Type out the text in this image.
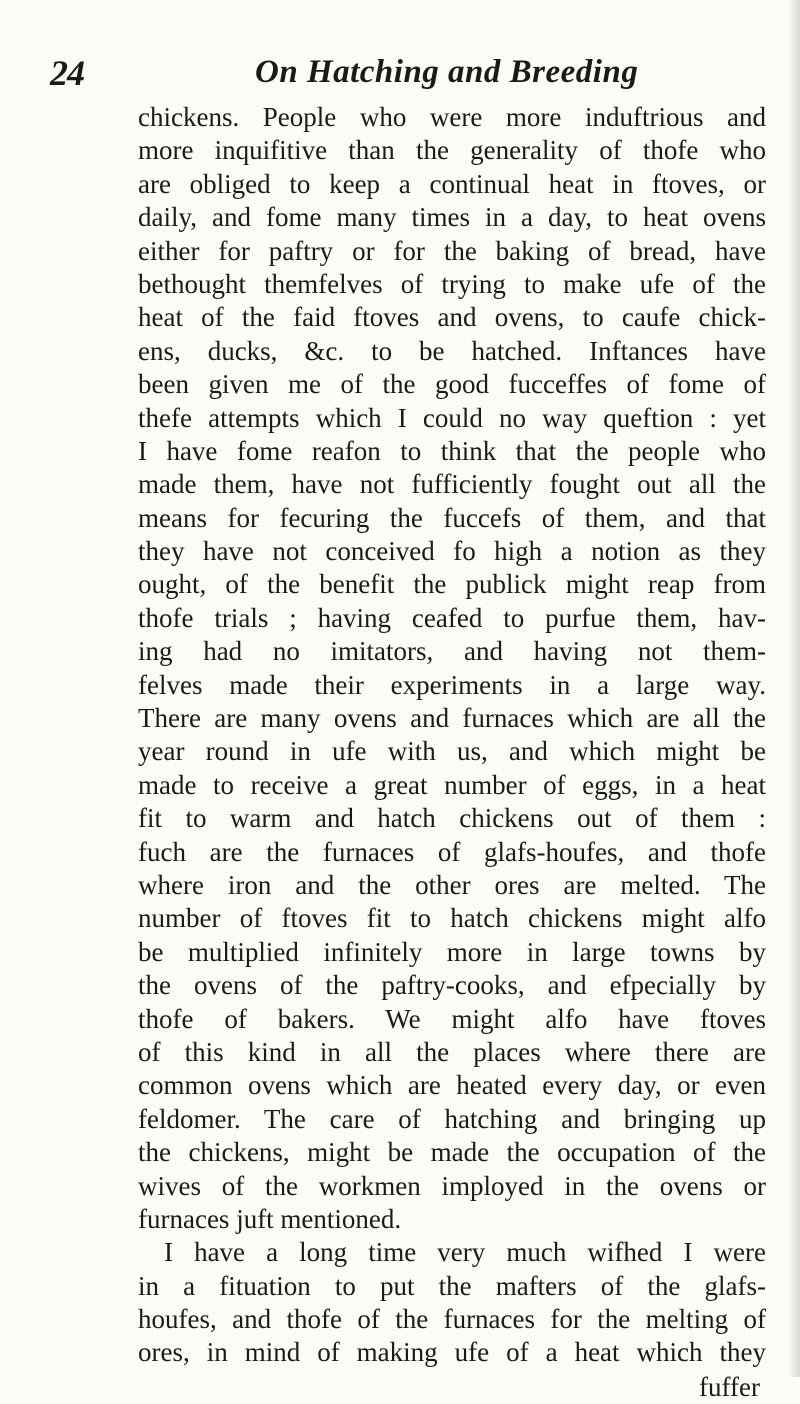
24	On Hatching and Breeding
chickens. People who were more induftrious and
more inquifitive than the generality of thofe who
are obliged to keep a continual heat in ftoves, or
daily, and fome many times in a day, to heat ovens
either for paftry or for the baking of bread, have
bethought themfelves of trying to make ufe of the
heat of the faid ftoves and ovens, to caufe chick-
ens, ducks, &c. to be hatched. Inftances have
been given me of the good fucceffes of fome of
thefe attempts which I could no way queftion : yet
I have fome reafon to think that the people who
made them, have not fufficiently fought out all the
means for fecuring the fuccefs of them, and that
they have not conceived fo high a notion as they
ought, of the benefit the publick might reap from
thofe trials ; having ceafed to purfue them, hav-
ing had no imitators, and having not them-
felves made their experiments in a large way.
There are many ovens and furnaces which are all the
year round in ufe with us, and which might be
made to receive a great number of eggs, in a heat
fit to warm and hatch chickens out of them :
fuch are the furnaces of glafs-houfes, and thofe
where iron and the other ores are melted. The
number of ftoves fit to hatch chickens might alfo
be multiplied infinitely more in large towns by
the ovens of the paftry-cooks, and efpecially by
thofe of bakers. We might alfo have ftoves
of this kind in all the places where there are
common ovens which are heated every day, or even
feldomer. The care of hatching and bringing up
the chickens, might be made the occupation of the
wives of the workmen imployed in the ovens or
furnaces juft mentioned.
I have a long time very much wifhed I were
in a fituation to put the mafters of the glafs-
houfes, and thofe of the furnaces for the melting of
ores, in mind of making ufe of a heat which they
fuffer
